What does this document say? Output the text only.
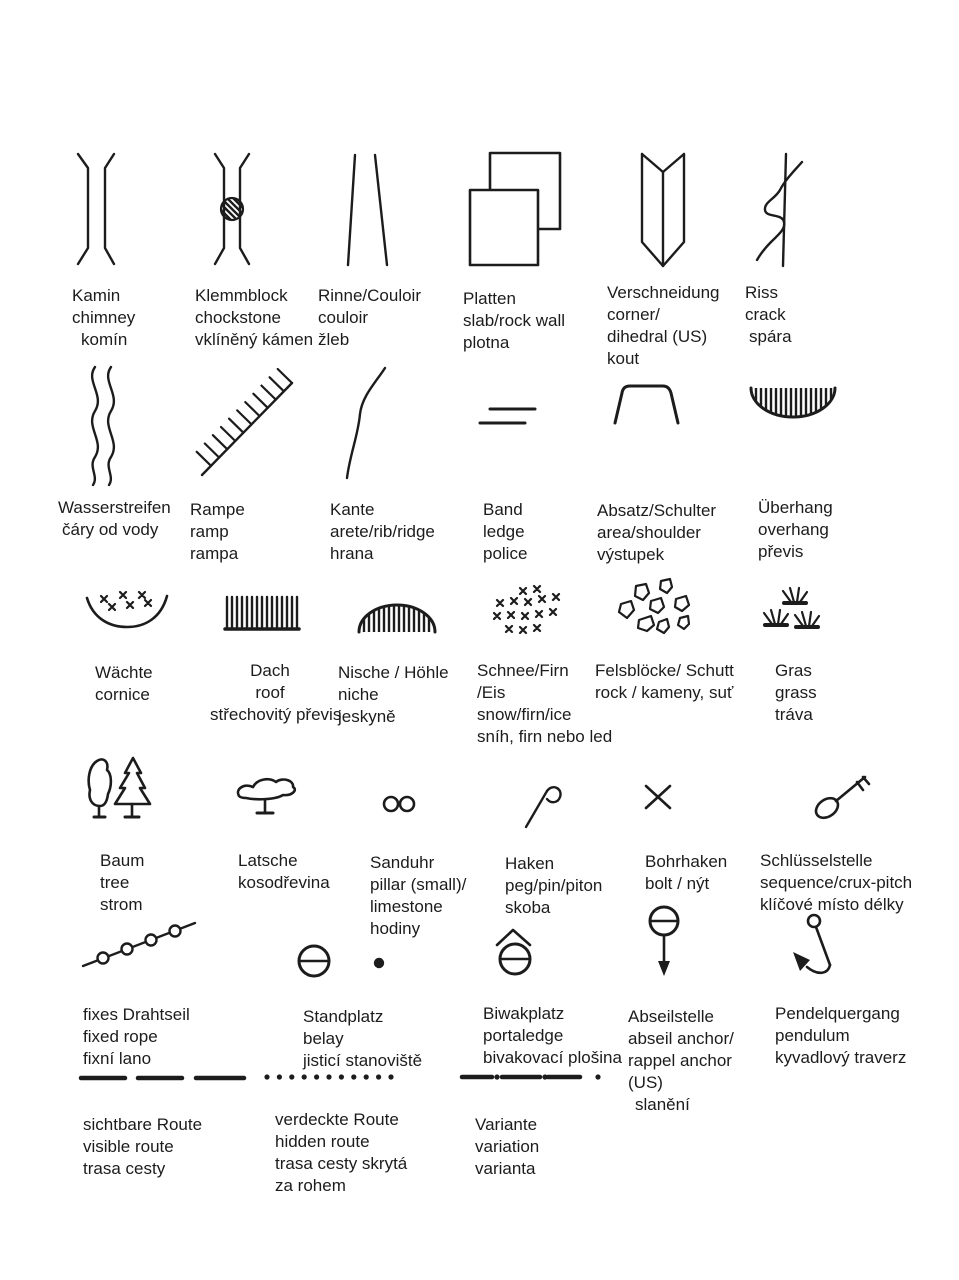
Kamin
chimney
komín
Klemmblock
chockstone
vklíněný kámen
Rinne/Couloir
couloir
žleb
Platten
slab/rock wall
plotna
Verschneidung
corner/
dihedral (US)
kout
Riss
crack
spára
Wasserstreifen
čáry od vody
Rampe
ramp
rampa
Kante
arete/rib/ridge
hrana
Band
ledge
police
Absatz/Schulter
area/shoulder
výstupek
Überhang
overhang
převis
Wächte
cornice
Dach
roof
střechovitý převis
Nische / Höhle
niche
jeskyně
Schnee/Firn
/Eis
snow/firn/ice
sníh, firn nebo led
Felsblöcke/ Schutt
rock / kameny, suť
Gras
grass
tráva
Baum
tree
strom
Latsche
kosodřevina
Sanduhr
pillar (small)/
limestone
hodiny
Haken
peg/pin/piton
skoba
Bohrhaken
bolt / nýt
Schlüsselstelle
sequence/crux-pitch
klíčové místo délky
fixes Drahtseil
fixed rope
fixní lano
Standplatz
belay
jisticí stanoviště
Biwakplatz
portaledge
bivakovací plošina
Abseilstelle
abseil anchor/
rappel anchor
(US)
slanění
Pendelquergang
pendulum
kyvadlový traverz
sichtbare Route
visible route
trasa cesty
verdeckte Route
hidden route
trasa cesty skrytá
za rohem
Variante
variation
varianta
